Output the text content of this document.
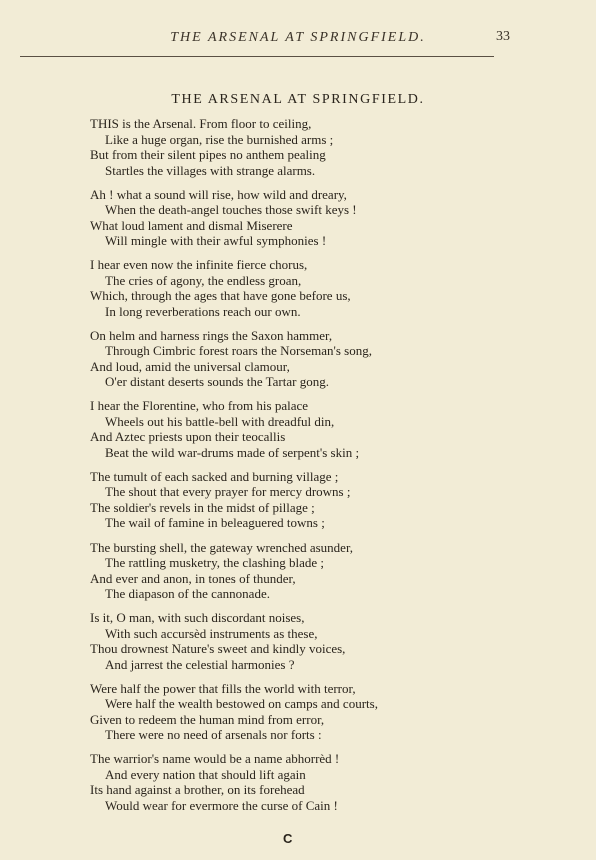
THE ARSENAL AT SPRINGFIELD.	33
THE ARSENAL AT SPRINGFIELD.
THIS is the Arsenal. From floor to ceiling,
Like a huge organ, rise the burnished arms ;
But from their silent pipes no anthem pealing
Startles the villages with strange alarms.
Ah ! what a sound will rise, how wild and dreary,
When the death-angel touches those swift keys !
What loud lament and dismal Miserere
Will mingle with their awful symphonies !
I hear even now the infinite fierce chorus,
The cries of agony, the endless groan,
Which, through the ages that have gone before us,
In long reverberations reach our own.
On helm and harness rings the Saxon hammer,
Through Cimbric forest roars the Norseman's song,
And loud, amid the universal clamour,
O'er distant deserts sounds the Tartar gong.
I hear the Florentine, who from his palace
Wheels out his battle-bell with dreadful din,
And Aztec priests upon their teocallis
Beat the wild war-drums made of serpent's skin ;
The tumult of each sacked and burning village ;
The shout that every prayer for mercy drowns ;
The soldier's revels in the midst of pillage ;
The wail of famine in beleaguered towns ;
The bursting shell, the gateway wrenched asunder,
The rattling musketry, the clashing blade ;
And ever and anon, in tones of thunder,
The diapason of the cannonade.
Is it, O man, with such discordant noises,
With such accursèd instruments as these,
Thou drownest Nature's sweet and kindly voices,
And jarrest the celestial harmonies ?
Were half the power that fills the world with terror,
Were half the wealth bestowed on camps and courts,
Given to redeem the human mind from error,
There were no need of arsenals nor forts :
The warrior's name would be a name abhorrèd !
And every nation that should lift again
Its hand against a brother, on its forehead
Would wear for evermore the curse of Cain !
C
